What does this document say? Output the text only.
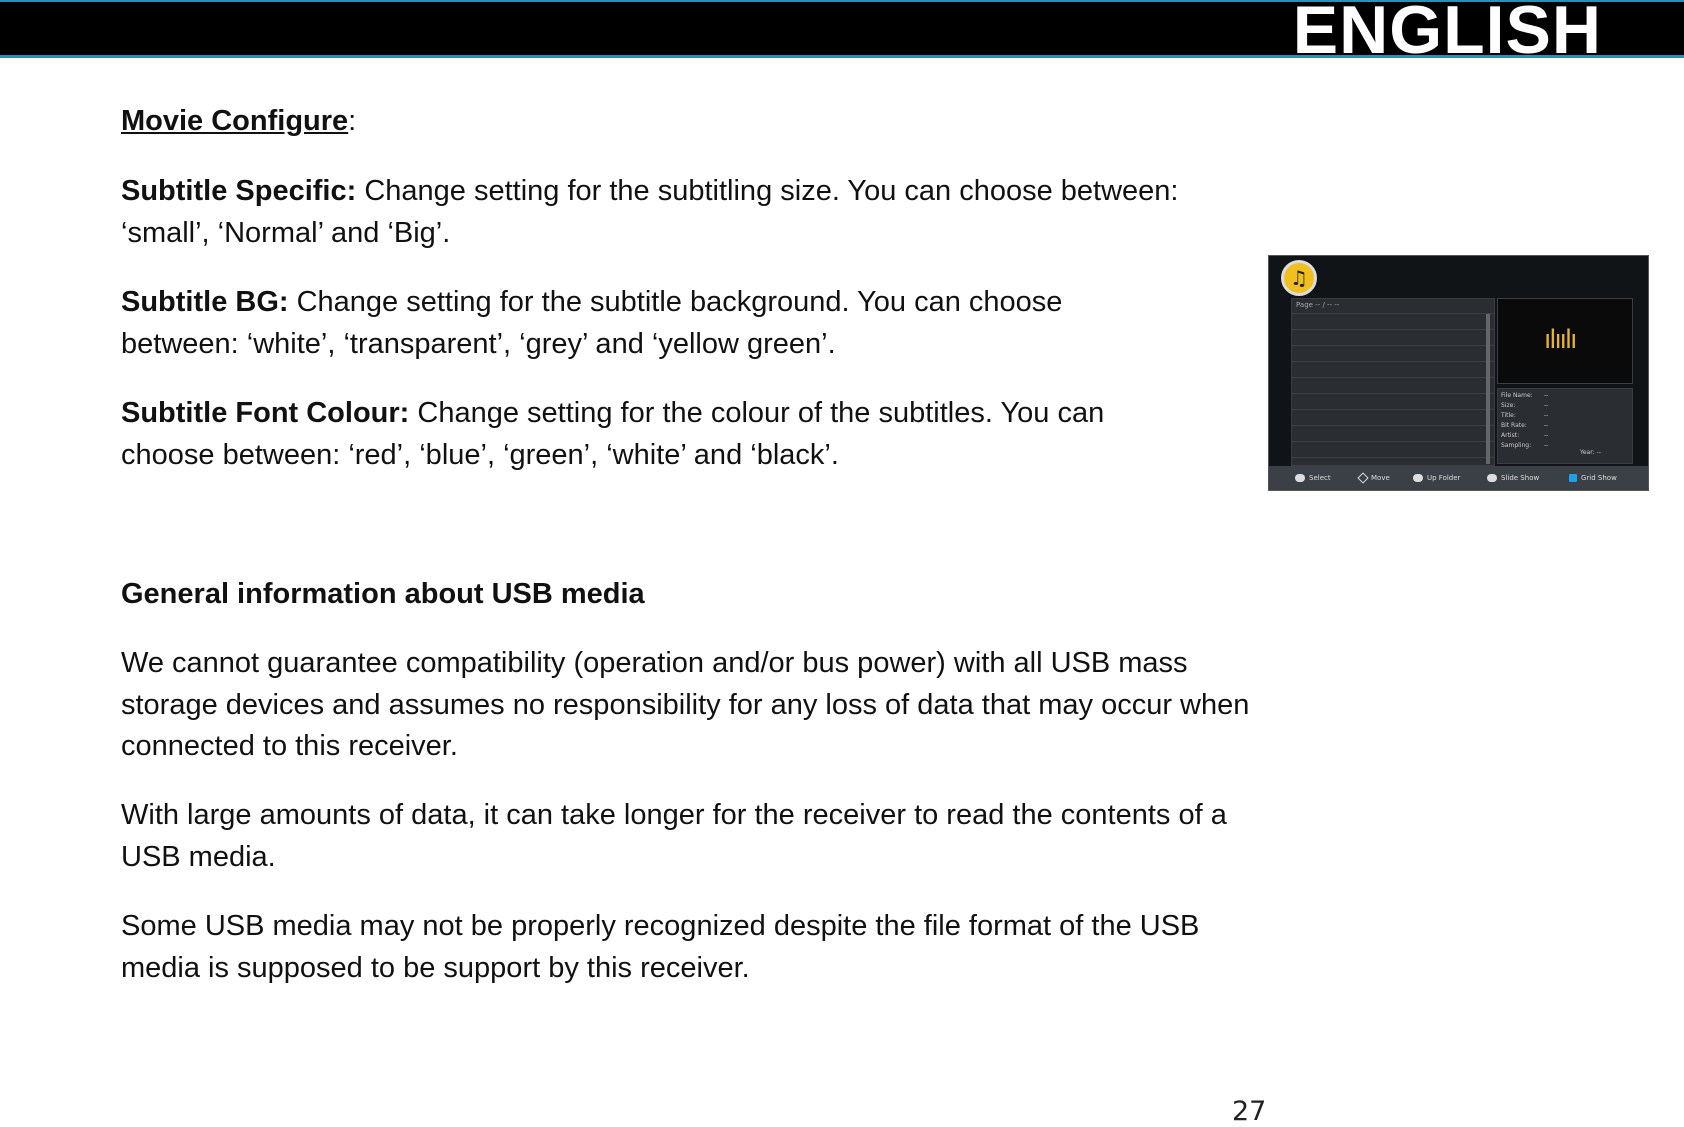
ENGLISH

Movie Configure:

Subtitle Specific: Change setting for the subtitling size. You can choose between: ‘small’, ‘Normal’ and ‘Big’.

Subtitle BG: Change setting for the subtitle background. You can choose between: ‘white’, ‘transparent’, ‘grey’ and ‘yellow green’.

Subtitle Font Colour: Change setting for the colour of the subtitles. You can choose between: ‘red’, ‘blue’, ‘green’, ‘white’ and ‘black’.

General information about USB media

We cannot guarantee compatibility (operation and/or bus power) with all USB mass storage devices and assumes no responsibility for any loss of data that may occur when connected to this receiver.

With large amounts of data, it can take longer for the receiver to read the contents of a USB media.

Some USB media may not be properly recognized despite the file format of the USB media is supposed to be support by this receiver.

♫
Page -- / -- --
ılıılı
File Name: --
Size:	--
Title:	--
Bit Rate:	--
Artist:	--
Sampling: --
Year: --
Select	Move	Up Folder	Slide Show	Grid Show
27
